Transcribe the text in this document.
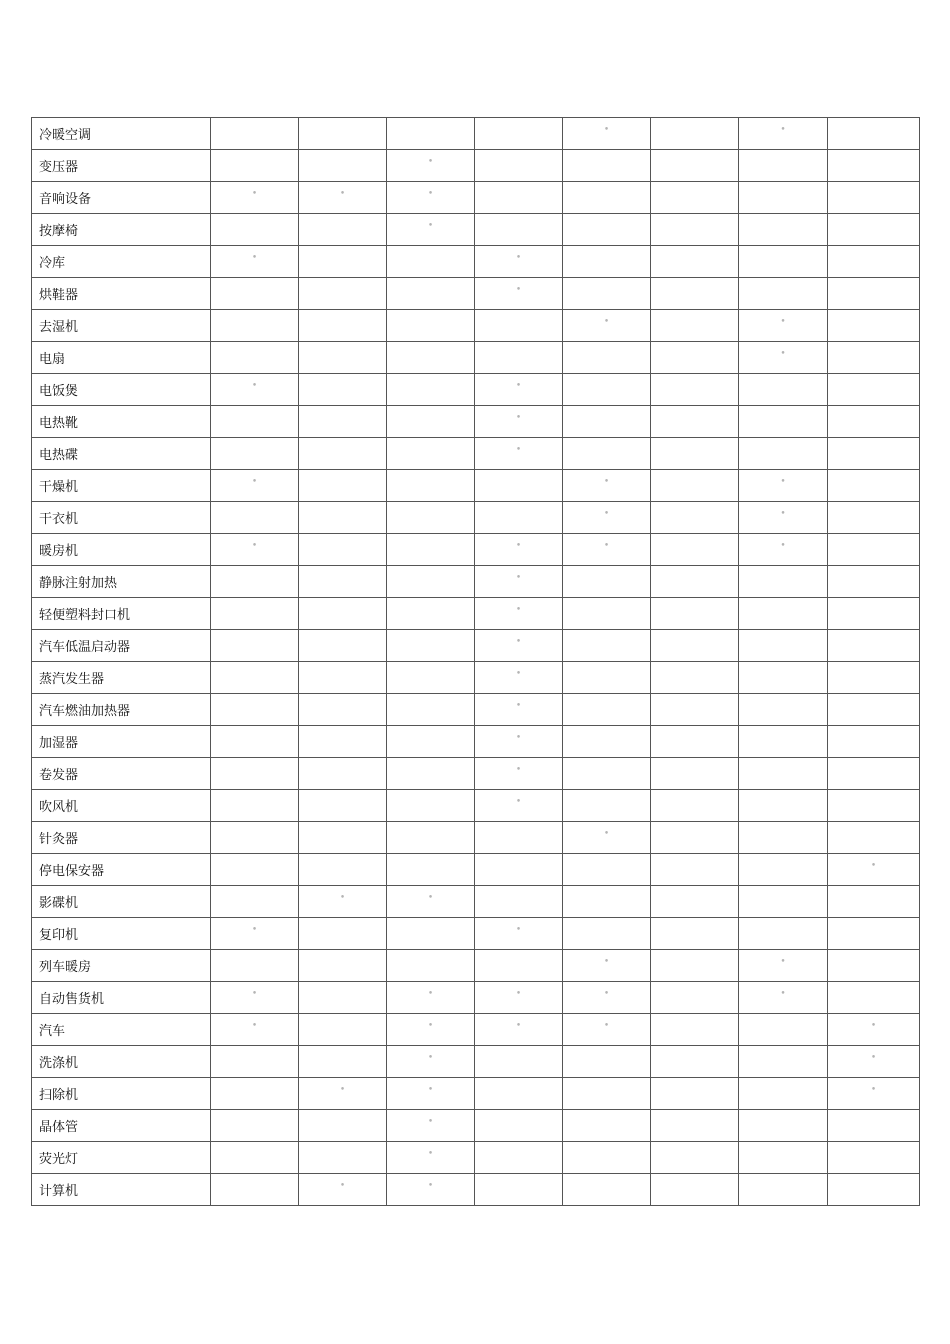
冷暖空调					•		•	
变压器			•					
音响设备	•	•	•					
按摩椅			•					
冷库	•			•				
烘鞋器				•				
去湿机					•		•	
电扇							•	
电饭煲	•			•				
电热靴				•				
电热碟				•				
干燥机	•				•		•	
干衣机					•		•	
暖房机	•			•	•		•	
静脉注射加热				•				
轻便塑料封口机				•				
汽车低温启动器				•				
蒸汽发生器				•				
汽车燃油加热器				•				
加湿器				•				
卷发器				•				
吹风机				•				
针灸器					•			
停电保安器								•
影碟机		•	•					
复印机	•			•				
列车暖房					•		•	
自动售货机	•		•	•	•		•	
汽车	•		•	•	•			•
洗涤机			•					•
扫除机		•	•					•
晶体管			•					
荧光灯			•					
计算机		•	•					
